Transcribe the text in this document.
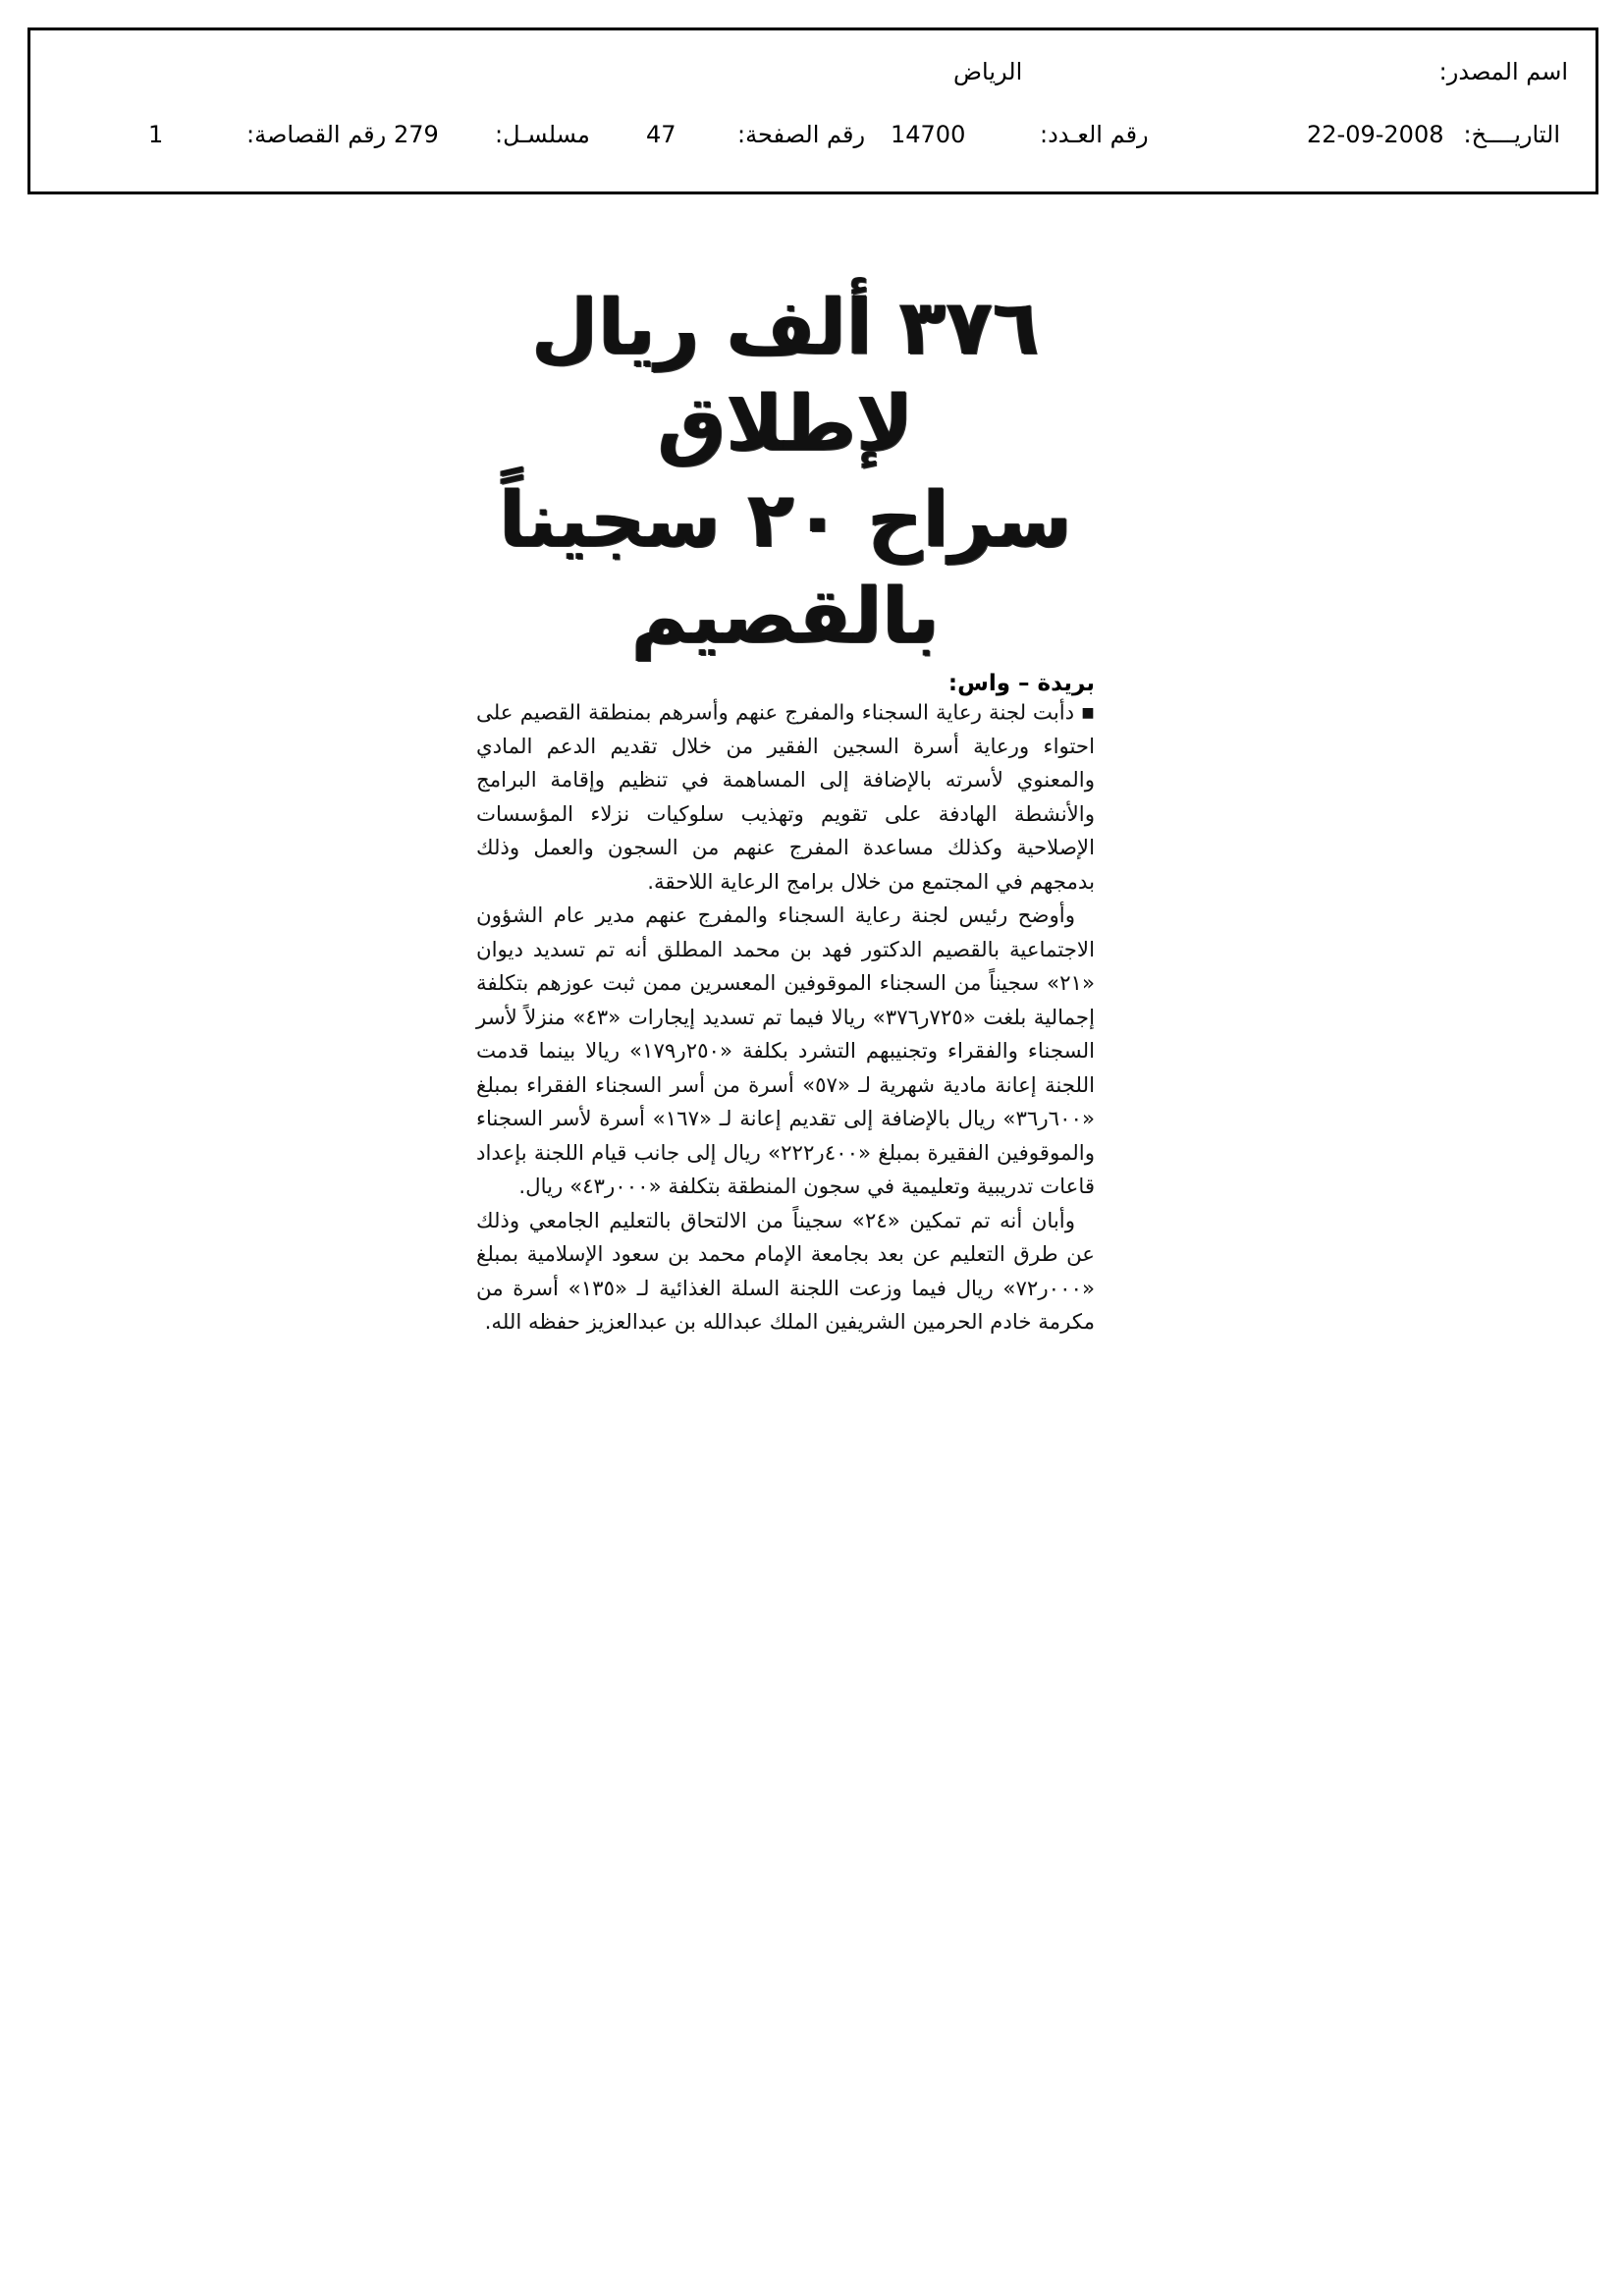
اسم المصدر:
الرياض
التاريــــخ:
22-09-2008
رقم العـدد:
14700
رقم الصفحة:
47
مسلسـل:
279
رقم القصاصة:
1
٣٧٦ ألف ريال لإطلاق
سراح ٢٠ سجيناً بالقصيم
بريدة – واس:

■ دأبت لجنة رعاية السجناء والمفرج عنهم وأسرهم بمنطقة القصيم على احتواء ورعاية أسرة السجين الفقير من خلال تقديم الدعم المادي والمعنوي لأسرته بالإضافة إلى المساهمة في تنظيم وإقامة البرامج والأنشطة الهادفة على تقويم وتهذيب سلوكيات نزلاء المؤسسات الإصلاحية وكذلك مساعدة المفرج عنهم من السجون والعمل وذلك بدمجهم في المجتمع من خلال برامج الرعاية اللاحقة.

وأوضح رئيس لجنة رعاية السجناء والمفرج عنهم مدير عام الشؤون الاجتماعية بالقصيم الدكتور فهد بن محمد المطلق أنه تم تسديد ديوان «٢١» سجيناً من السجناء الموقوفين المعسرين ممن ثبت عوزهم بتكلفة إجمالية بلغت «٧٢٥ر٣٧٦» ريالا فيما تم تسديد إيجارات «٤٣» منزلاً لأسر السجناء والفقراء وتجنيبهم التشرد بكلفة «٢٥٠ر١٧٩» ريالا بينما قدمت اللجنة إعانة مادية شهرية لـ «٥٧» أسرة من أسر السجناء الفقراء بمبلغ «٦٠٠ر٣٦» ريال بالإضافة إلى تقديم إعانة لـ «١٦٧» أسرة لأسر السجناء والموقوفين الفقيرة بمبلغ «٤٠٠ر٢٢٢» ريال إلى جانب قيام اللجنة بإعداد قاعات تدريبية وتعليمية في سجون المنطقة بتكلفة «٠٠٠ر٤٣» ريال.

وأبان أنه تم تمكين «٢٤» سجيناً من الالتحاق بالتعليم الجامعي وذلك عن طرق التعليم عن بعد بجامعة الإمام محمد بن سعود الإسلامية بمبلغ «٠٠٠ر٧٢» ريال فيما وزعت اللجنة السلة الغذائية لـ «١٣٥» أسرة من مكرمة خادم الحرمين الشريفين الملك عبدالله بن عبدالعزيز حفظه الله.
